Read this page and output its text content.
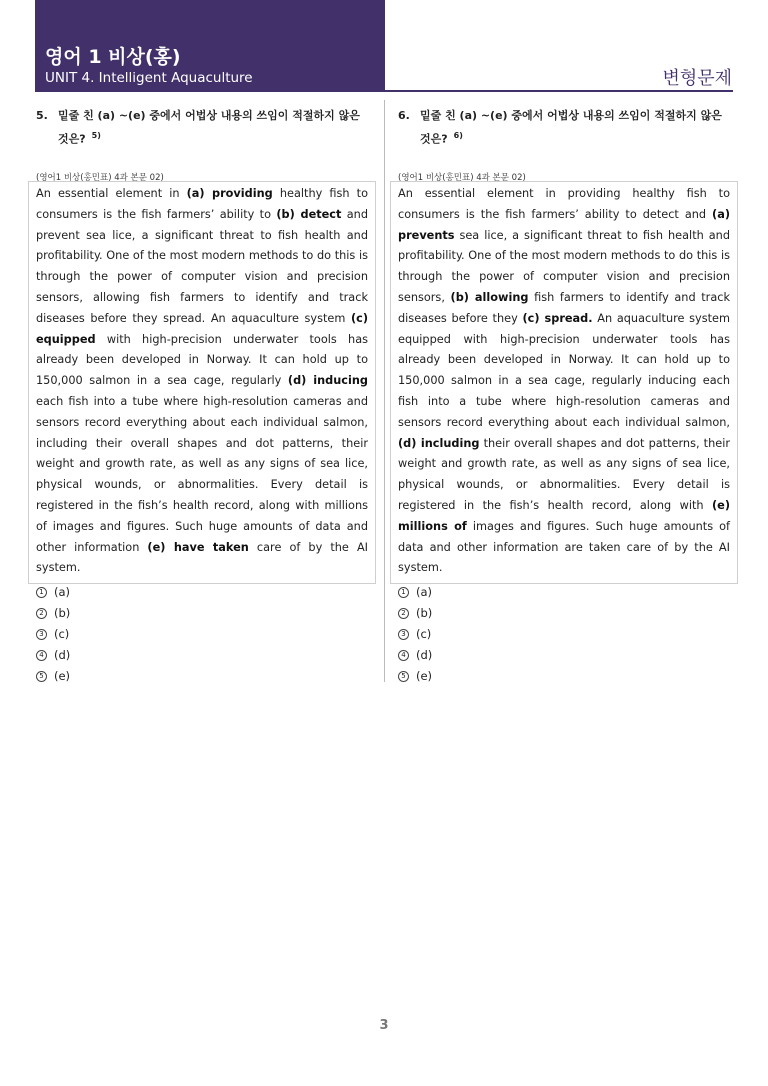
영어 1 비상(홍)
UNIT 4. Intelligent Aquaculture	변형문제
5. 밑줄 친 (a) ~(e) 중에서 어법상 내용의 쓰임이 적절하지 않은
것은? $^{5)}$
(영어1 비상(홍민표) 4과 본문 02)

An essential element in (a) providing healthy fish to consumers is the fish farmers’ ability to (b) detect and prevent sea lice, a significant threat to fish health and profitability. One of the most modern methods to do this is through the power of computer vision and precision sensors, allowing fish farmers to identify and track diseases before they spread. An aquaculture system (c) equipped with high-precision underwater tools has already been developed in Norway. It can hold up to 150,000 salmon in a sea cage, regularly (d) inducing each fish into a tube where high-resolution cameras and sensors record everything about each individual salmon, including their overall shapes and dot patterns, their weight and growth rate, as well as any signs of sea lice, physical wounds, or abnormalities. Every detail is registered in the fish’s health record, along with millions of images and figures. Such huge amounts of data and other information (e) have taken care of by the AI system.

1 (a)
2 (b)
3 (c)
4 (d)
5 (e)
6. 밑줄 친 (a) ~(e) 중에서 어법상 내용의 쓰임이 적절하지 않은
것은? $^{6)}$
(영어1 비상(홍민표) 4과 본문 02)

An essential element in providing healthy fish to consumers is the fish farmers’ ability to detect and (a) prevents sea lice, a significant threat to fish health and profitability. One of the most modern methods to do this is through the power of computer vision and precision sensors, (b) allowing fish farmers to identify and track diseases before they (c) spread. An aquaculture system equipped with high-precision underwater tools has already been developed in Norway. It can hold up to 150,000 salmon in a sea cage, regularly inducing each fish into a tube where high-resolution cameras and sensors record everything about each individual salmon, (d) including their overall shapes and dot patterns, their weight and growth rate, as well as any signs of sea lice, physical wounds, or abnormalities. Every detail is registered in the fish’s health record, along with (e) millions of images and figures. Such huge amounts of data and other information are taken care of by the AI system.

1 (a)
2 (b)
3 (c)
4 (d)
5 (e)
3
